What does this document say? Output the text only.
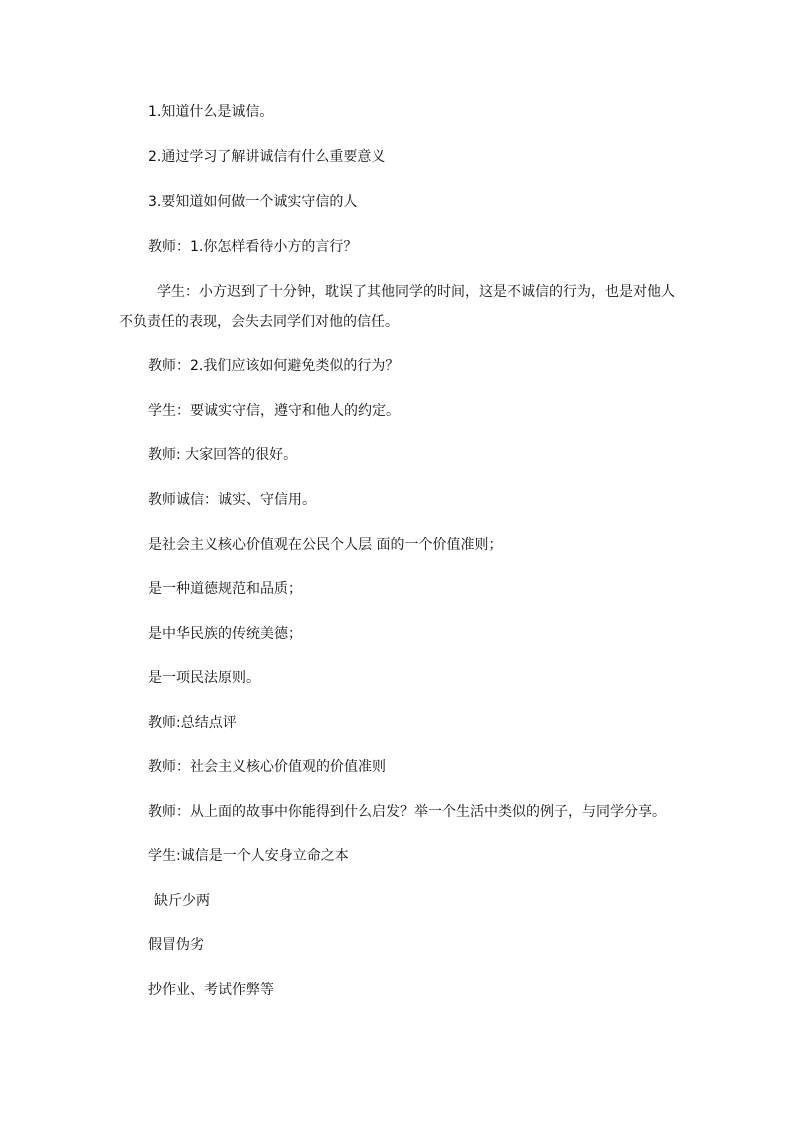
1.知道什么是诚信。
2.通过学习了解讲诚信有什么重要意义
3.要知道如何做一个诚实守信的人
教师：1.你怎样看待小方的言行？
学生：小方迟到了十分钟，耽误了其他同学的时间，这是不诚信的行为，也是对他人
不负责任的表现，会失去同学们对他的信任。
教师：2.我们应该如何避免类似的行为？
学生：要诚实守信，遵守和他人的约定。
教师: 大家回答的很好。
教师诚信：诚实、守信用。
是社会主义核心价值观在公民个人层 面的一个价值准则；
是一种道德规范和品质；
是中华民族的传统美德；
是一项民法原则。
教师:总结点评
教师：社会主义核心价值观的价值准则
教师：从上面的故事中你能得到什么启发？举一个生活中类似的例子，与同学分享。
学生:诚信是一个人安身立命之本
缺斤少两
假冒伪劣
抄作业、考试作弊等
